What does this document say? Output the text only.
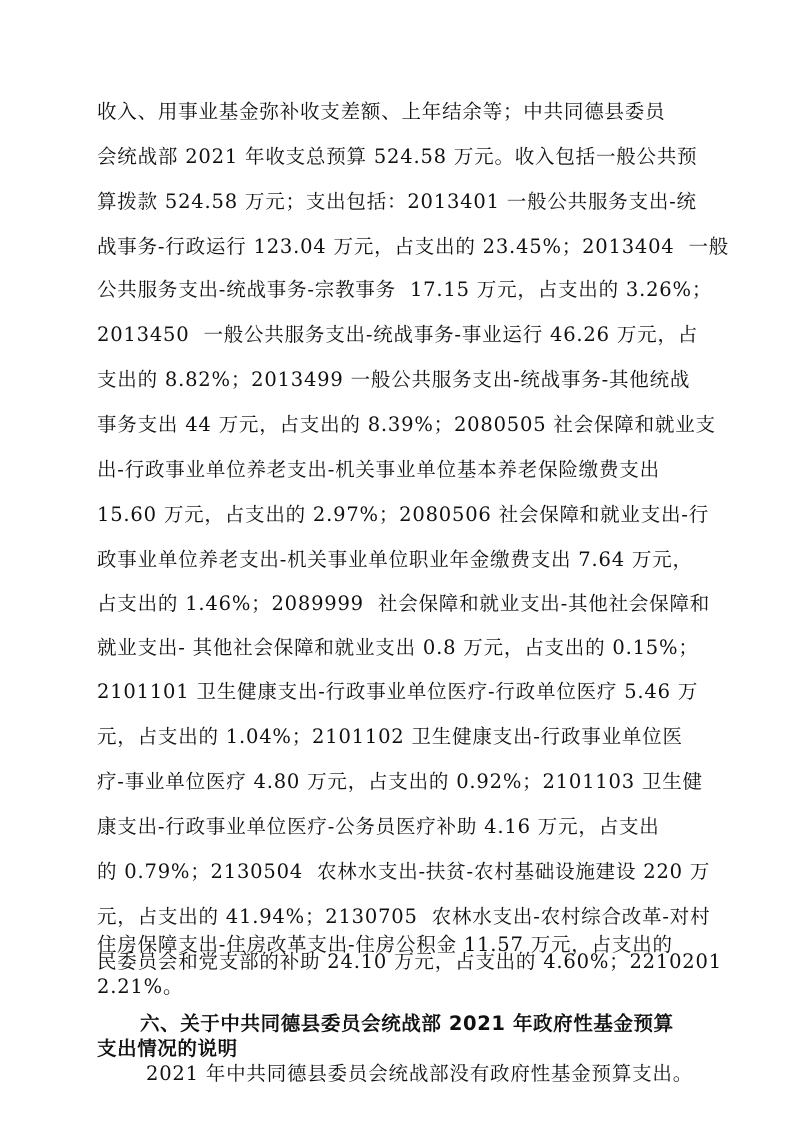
收入、用事业基金弥补收支差额、上年结余等；中共同德县委员
会统战部 2021 年收支总预算 524.58 万元。收入包括一般公共预
算拨款 524.58 万元；支出包括：2013401 一般公共服务支出-统
战事务-行政运行 123.04 万元，占支出的 23.45%；2013404  一般
公共服务支出-统战事务-宗教事务  17.15 万元，占支出的 3.26%；
2013450  一般公共服务支出-统战事务-事业运行 46.26 万元，占
支出的 8.82%；2013499 一般公共服务支出-统战事务-其他统战
事务支出 44 万元，占支出的 8.39%；2080505 社会保障和就业支
出-行政事业单位养老支出-机关事业单位基本养老保险缴费支出
15.60 万元，占支出的 2.97%；2080506 社会保障和就业支出-行
政事业单位养老支出-机关事业单位职业年金缴费支出 7.64 万元，
占支出的 1.46%；2089999  社会保障和就业支出-其他社会保障和
就业支出- 其他社会保障和就业支出 0.8 万元，占支出的 0.15%；
2101101 卫生健康支出-行政事业单位医疗-行政单位医疗 5.46 万
元，占支出的 1.04%；2101102 卫生健康支出-行政事业单位医
疗-事业单位医疗 4.80 万元，占支出的 0.92%；2101103 卫生健
康支出-行政事业单位医疗-公务员医疗补助 4.16 万元，占支出
的 0.79%；2130504  农林水支出-扶贫-农村基础设施建设 220 万
元，占支出的 41.94%；2130705  农林水支出-农村综合改革-对村
民委员会和党支部的补助 24.10 万元，占支出的 4.60%；2210201
住房保障支出-住房改革支出-住房公积金 11.57 万元，占支出的
六、关于中共同德县委员会统战部 2021 年政府性基金预算
支出情况的说明
2021 年中共同德县委员会统战部没有政府性基金预算支出。
2.21%。
